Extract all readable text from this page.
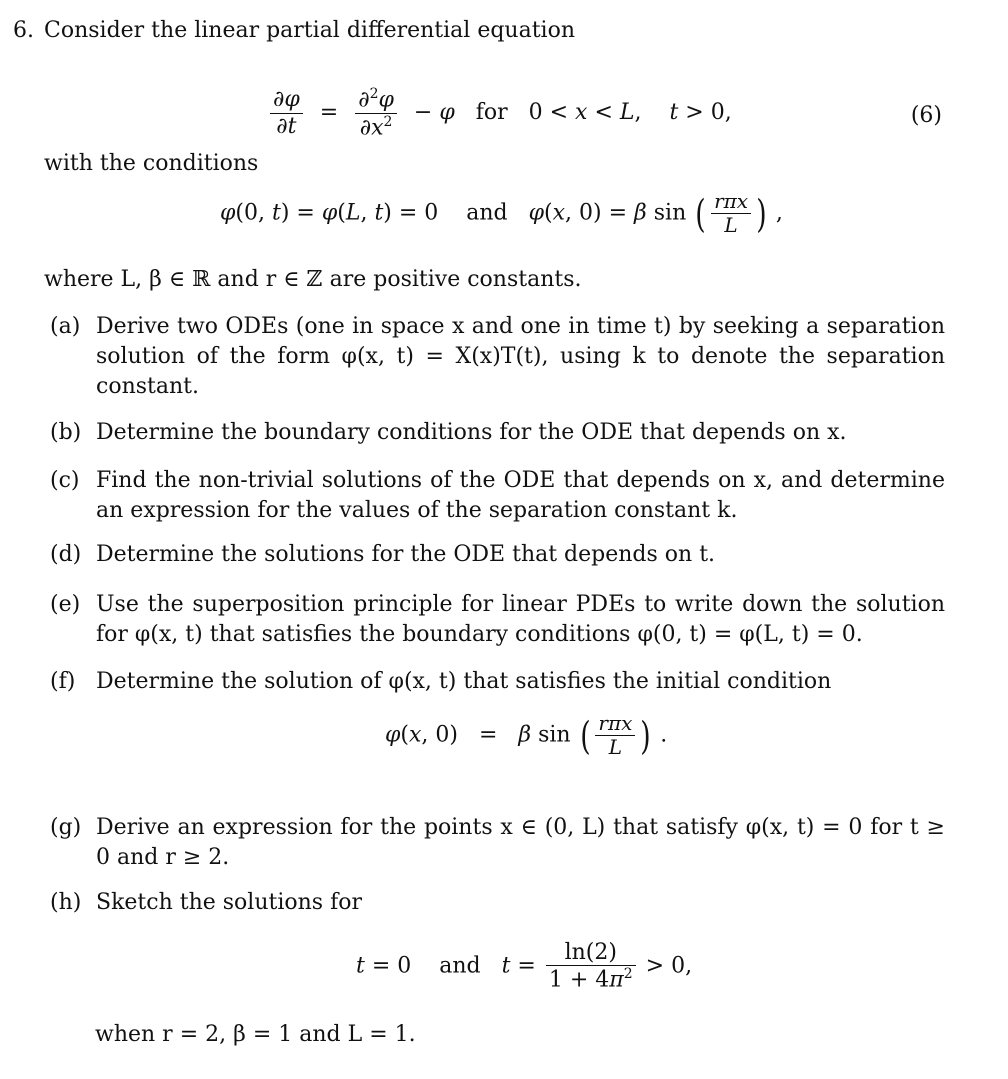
6. Consider the linear partial differential equation
$\frac{\partial\varphi}{\partial t} = \frac{\partial^2\varphi}{\partial x^2} - \varphi$   for   0 < x < L,    t > 0,	(6)
with the conditions
φ(0, t) = φ(L, t) = 0    and   φ(x, 0) = β sin ( $\frac{\text{rπx}}{L}$ ) ,
where L, β ∈ ℝ and r ∈ ℤ are positive constants.
(a) Derive two ODEs (one in space x and one in time t) by seeking a separation solution of the form φ(x, t) = X(x)T(t), using k to denote the separation constant.
(b) Determine the boundary conditions for the ODE that depends on x.
(c) Find the non-trivial solutions of the ODE that depends on x, and determine an expression for the values of the separation constant k.
(d) Determine the solutions for the ODE that depends on t.
(e) Use the superposition principle for linear PDEs to write down the solution for φ(x, t) that satisfies the boundary conditions φ(0, t) = φ(L, t) = 0.
(f) Determine the solution of φ(x, t) that satisfies the initial condition
φ(x, 0)   =   β sin ( $\frac{\text{rπx}}{L}$ ) .
(g) Derive an expression for the points x ∈ (0, L) that satisfy φ(x, t) = 0 for t ≥ 0 and r ≥ 2.
(h) Sketch the solutions for
t = 0    and   $t = \frac{\ln(2)}{1 + 4\pi^2} > 0$,
when r = 2, β = 1 and L = 1.
